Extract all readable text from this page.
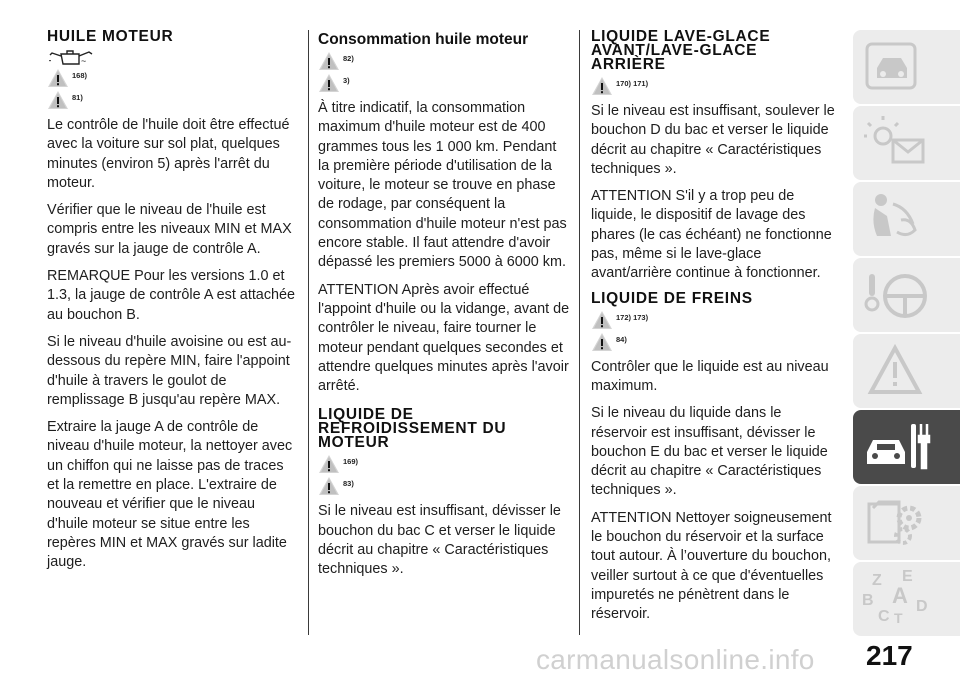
HUILE MOTEUR
~
168)
81)

Le contrôle de l'huile doit être effectué avec la voiture sur sol plat, quelques minutes (environ 5) après l'arrêt du moteur.

Vérifier que le niveau de l'huile est compris entre les niveaux MIN et MAX gravés sur la jauge de contrôle A.

REMARQUE Pour les versions 1.0 et 1.3, la jauge de contrôle A est attachée au bouchon B.

Si le niveau d'huile avoisine ou est au-dessous du repère MIN, faire l'appoint d'huile à travers le goulot de remplissage B jusqu'au repère MAX.

Extraire la jauge A de contrôle de niveau d'huile moteur, la nettoyer avec un chiffon qui ne laisse pas de traces et la remettre en place. L'extraire de nouveau et vérifier que le niveau d'huile moteur se situe entre les repères MIN et MAX gravés sur ladite jauge.

Consommation huile moteur
82)
3)

À titre indicatif, la consommation maximum d'huile moteur est de 400 grammes tous les 1 000 km. Pendant la première période d'utilisation de la voiture, le moteur se trouve en phase de rodage, par conséquent la consommation d'huile moteur n'est pas encore stable. Il faut attendre d'avoir dépassé les premiers 5000 à 6000 km.

ATTENTION Après avoir effectué l'appoint d'huile ou la vidange, avant de contrôler le niveau, faire tourner le moteur pendant quelques secondes et attendre quelques minutes après l'avoir arrêté.

LIQUIDE DE
REFROIDISSEMENT DU
MOTEUR
169)
83)

Si le niveau est insuffisant, dévisser le bouchon du bac C et verser le liquide décrit au chapitre « Caractéristiques techniques ».

LIQUIDE LAVE-GLACE
AVANT/LAVE-GLACE
ARRIÈRE
170) 171)

Si le niveau est insuffisant, soulever le bouchon D du bac et verser le liquide décrit au chapitre « Caractéristiques techniques ».

ATTENTION S'il y a trop peu de liquide, le dispositif de lavage des phares (le cas échéant) ne fonctionne pas, même si le lave-glace avant/arrière continue à fonctionner.

LIQUIDE DE FREINS
172) 173)
84)

Contrôler que le liquide est au niveau maximum.

Si le niveau du liquide dans le réservoir est insuffisant, dévisser le bouchon E du bac et verser le liquide décrit au chapitre « Caractéristiques techniques ».

ATTENTION Nettoyer soigneusement le bouchon du réservoir et la surface tout autour. À l’ouverture du bouchon, veiller surtout à ce que d'éventuelles impuretés ne pénètrent dans le réservoir.

Z E
B A
C T
D
carmanualsonline.info 217
